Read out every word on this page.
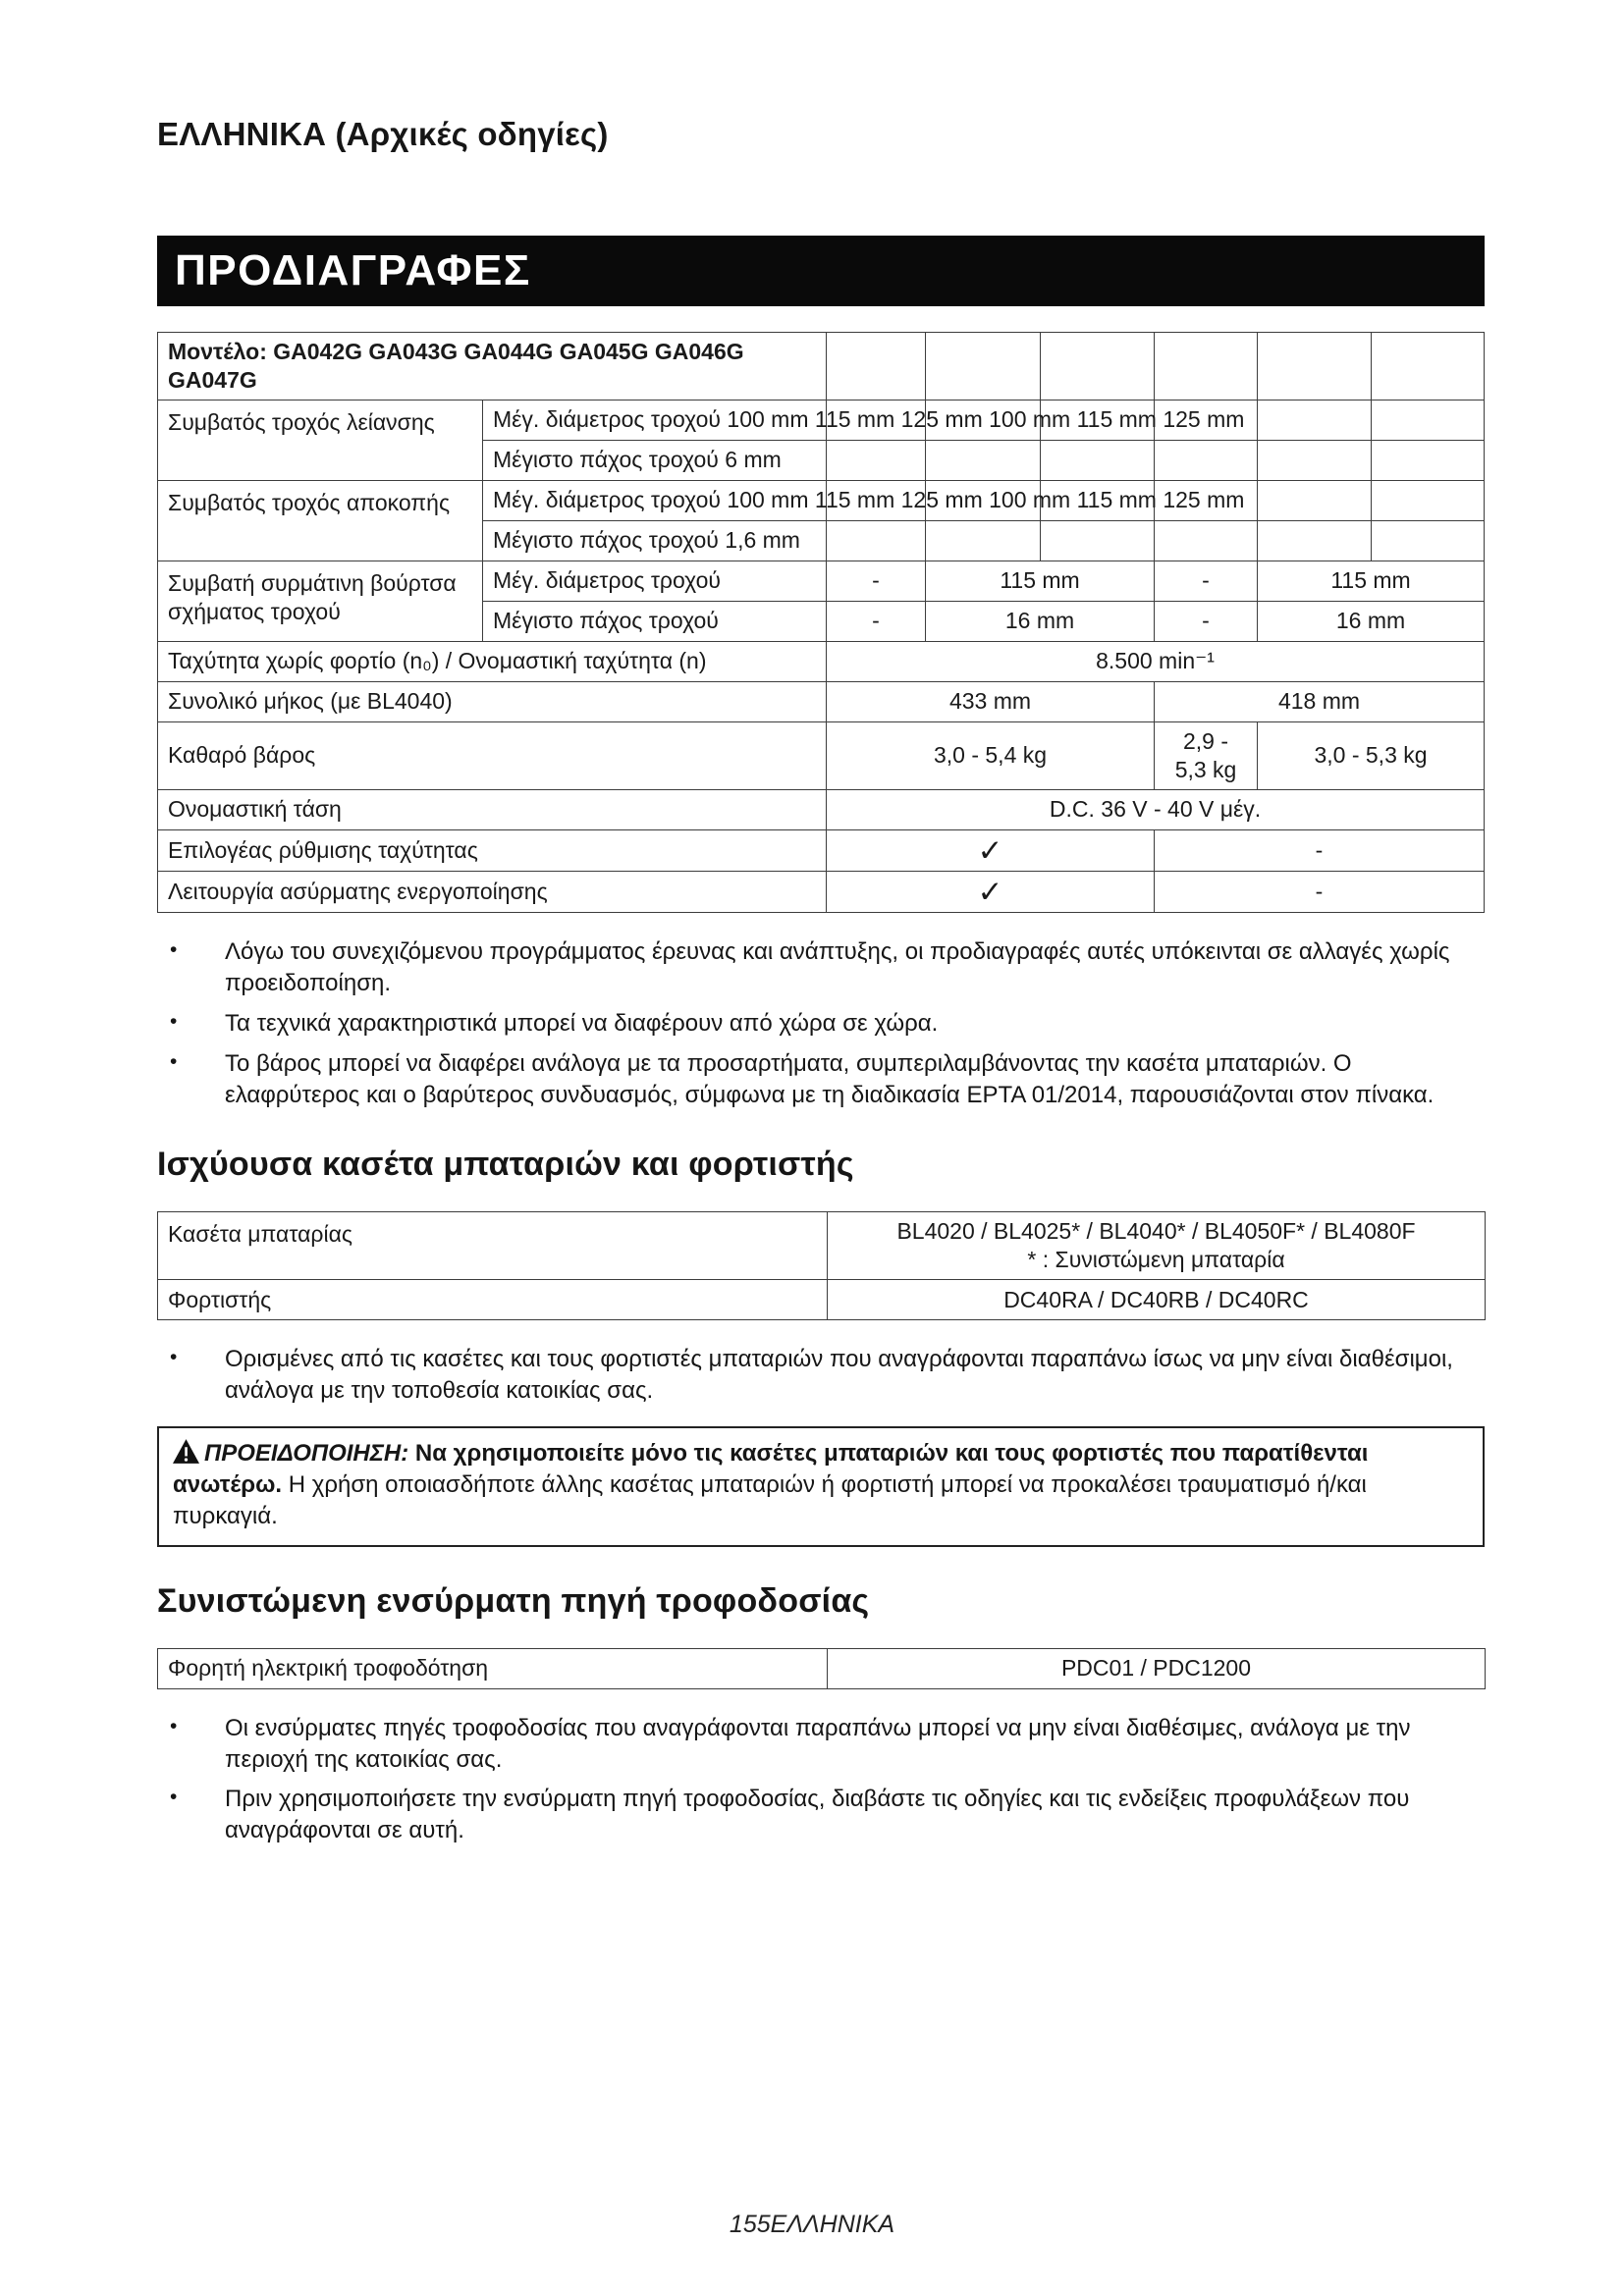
ΕΛΛΗΝΙΚΑ (Αρχικές οδηγίες)
ΠΡΟΔΙΑΓΡΑΦΕΣ
Μοντέλο: GA042G GA043G GA044G GA045G GA046G GA047G							
Συμβατός τροχός λείανσης	Μέγ. διάμετρος τροχού 100 mm 115 mm 125 mm 100 mm 115 mm 125 mm						
	Μέγιστο πάχος τροχού 6 mm						
Συμβατός τροχός αποκοπής	Μέγ. διάμετρος τροχού 100 mm 115 mm 125 mm 100 mm 115 mm 125 mm						
	Μέγιστο πάχος τροχού 1,6 mm						
Συμβατή συρμάτινη βούρτσα σχήματος τροχού	Μέγ. διάμετρος τροχού	-	115 mm		-	115 mm	
	Μέγιστο πάχος τροχού	-	16 mm		-	16 mm	
Ταχύτητα χωρίς φορτίο (n₀) / Ονομαστική ταχύτητα (n)		8.500 min⁻¹					
Συνολικό μήκος (με BL4040)		433 mm			418 mm		
Καθαρό βάρος		3,0 - 5,4 kg			2,9 - 5,3 kg	3,0 - 5,3 kg	
Ονομαστική τάση		D.C. 36 V - 40 V μέγ.					
Επιλογέας ρύθμισης ταχύτητας		✓			-		
Λειτουργία ασύρματης ενεργοποίησης		✓			-		
•	Λόγω του συνεχιζόμενου προγράμματος έρευνας και ανάπτυξης, οι προδιαγραφές αυτές υπόκεινται σε αλλαγές χωρίς προειδοποίηση.
•	Τα τεχνικά χαρακτηριστικά μπορεί να διαφέρουν από χώρα σε χώρα.
•	Το βάρος μπορεί να διαφέρει ανάλογα με τα προσαρτήματα, συμπεριλαμβάνοντας την κασέτα μπαταριών. Ο ελαφρύτερος και ο βαρύτερος συνδυασμός, σύμφωνα με τη διαδικασία EPTA 01/2014, παρουσιάζονται στον πίνακα.
Ισχύουσα κασέτα μπαταριών και φορτιστής
Κασέτα μπαταρίας	BL4020 / BL4025* / BL4040* / BL4050F* / BL4080F
* : Συνιστώμενη μπαταρία

Φορτιστής	DC40RA / DC40RB / DC40RC
•	Ορισμένες από τις κασέτες και τους φορτιστές μπαταριών που αναγράφονται παραπάνω ίσως να μην είναι διαθέσιμοι, ανάλογα με την τοποθεσία κατοικίας σας.
ΠΡΟΕΙΔΟΠΟΙΗΣΗ: Να χρησιμοποιείτε μόνο τις κασέτες μπαταριών και τους φορτιστές που παρατίθενται ανωτέρω. Η χρήση οποιασδήποτε άλλης κασέτας μπαταριών ή φορτιστή μπορεί να προκαλέσει τραυματισμό ή/και πυρκαγιά.
Συνιστώμενη ενσύρματη πηγή τροφοδοσίας
Φορητή ηλεκτρική τροφοδότηση	PDC01 / PDC1200
•	Οι ενσύρματες πηγές τροφοδοσίας που αναγράφονται παραπάνω μπορεί να μην είναι διαθέσιμες, ανάλογα με την περιοχή της κατοικίας σας.
•	Πριν χρησιμοποιήσετε την ενσύρματη πηγή τροφοδοσίας, διαβάστε τις οδηγίες και τις ενδείξεις προφυλάξεων που αναγράφονται σε αυτή.
155ΕΛΛΗΝΙΚΑ
